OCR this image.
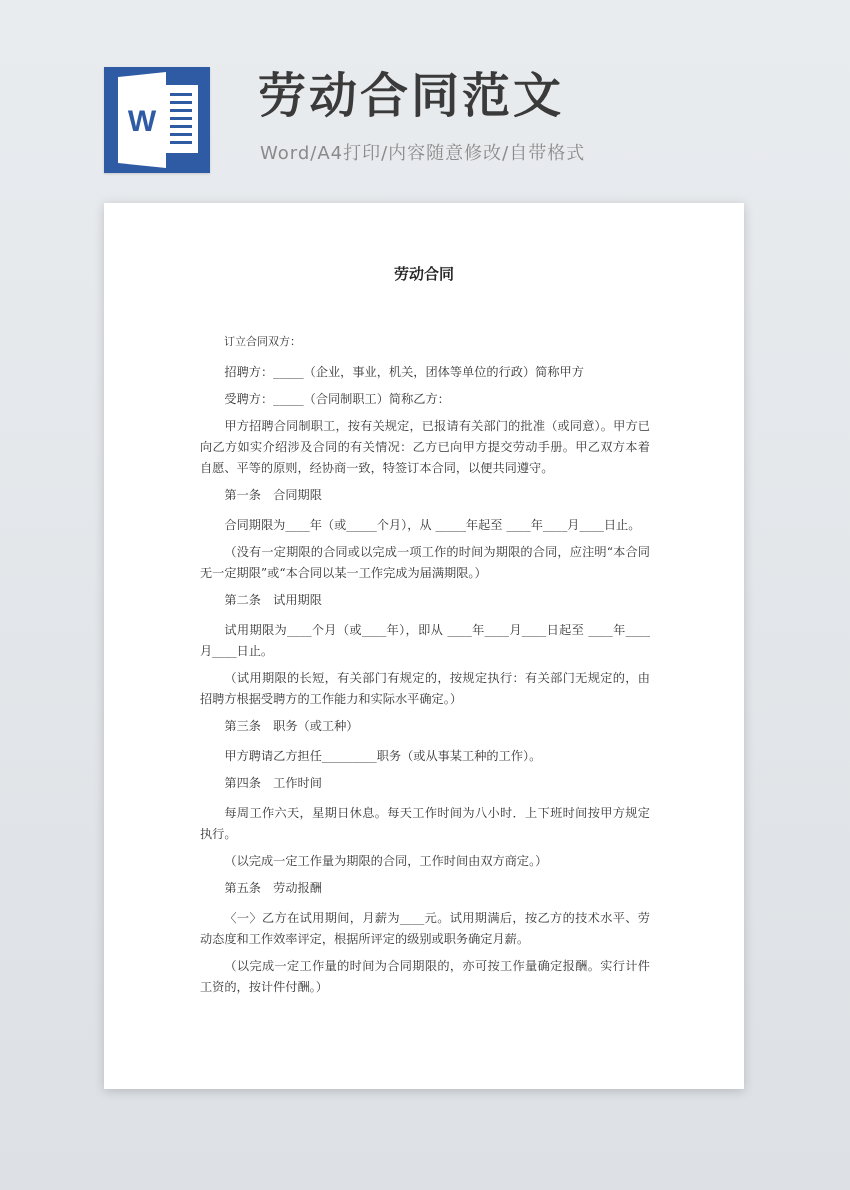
W 劳动合同范文
Word/A4打印/内容随意修改/自带格式
劳动合同

订立合同双方：

招聘方：_____（企业，事业，机关，团体等单位的行政）简称甲方

受聘方：_____（合同制职工）简称乙方：

甲方招聘合同制职工，按有关规定，已报请有关部门的批准（或同意）。甲方已向乙方如实介绍涉及合同的有关情况：乙方已向甲方提交劳动手册。甲乙双方本着自愿、平等的原则，经协商一致，特签订本合同，以便共同遵守。

第一条　合同期限

合同期限为____年（或_____个月），从 _____年起至 ____年____月____日止。

（没有一定期限的合同或以完成一项工作的时间为期限的合同，应注明“本合同无一定期限”或“本合同以某一工作完成为届满期限。）

第二条　试用期限

试用期限为____个月（或____年），即从 ____年____月____日起至 ____年____月____日止。

（试用期限的长短，有关部门有规定的，按规定执行：有关部门无规定的，由招聘方根据受聘方的工作能力和实际水平确定。）

第三条　职务（或工种）

甲方聘请乙方担任_________职务（或从事某工种的工作）。

第四条　工作时间

每周工作六天，星期日休息。每天工作时间为八小时．上下班时间按甲方规定执行。

（以完成一定工作量为期限的合同，工作时间由双方商定。）

第五条　劳动报酬

〈一〉乙方在试用期间，月薪为____元。试用期满后，按乙方的技术水平、劳动态度和工作效率评定，根据所评定的级别或职务确定月薪。

（以完成一定工作量的时间为合同期限的，亦可按工作量确定报酬。实行计件工资的，按计件付酬。）
